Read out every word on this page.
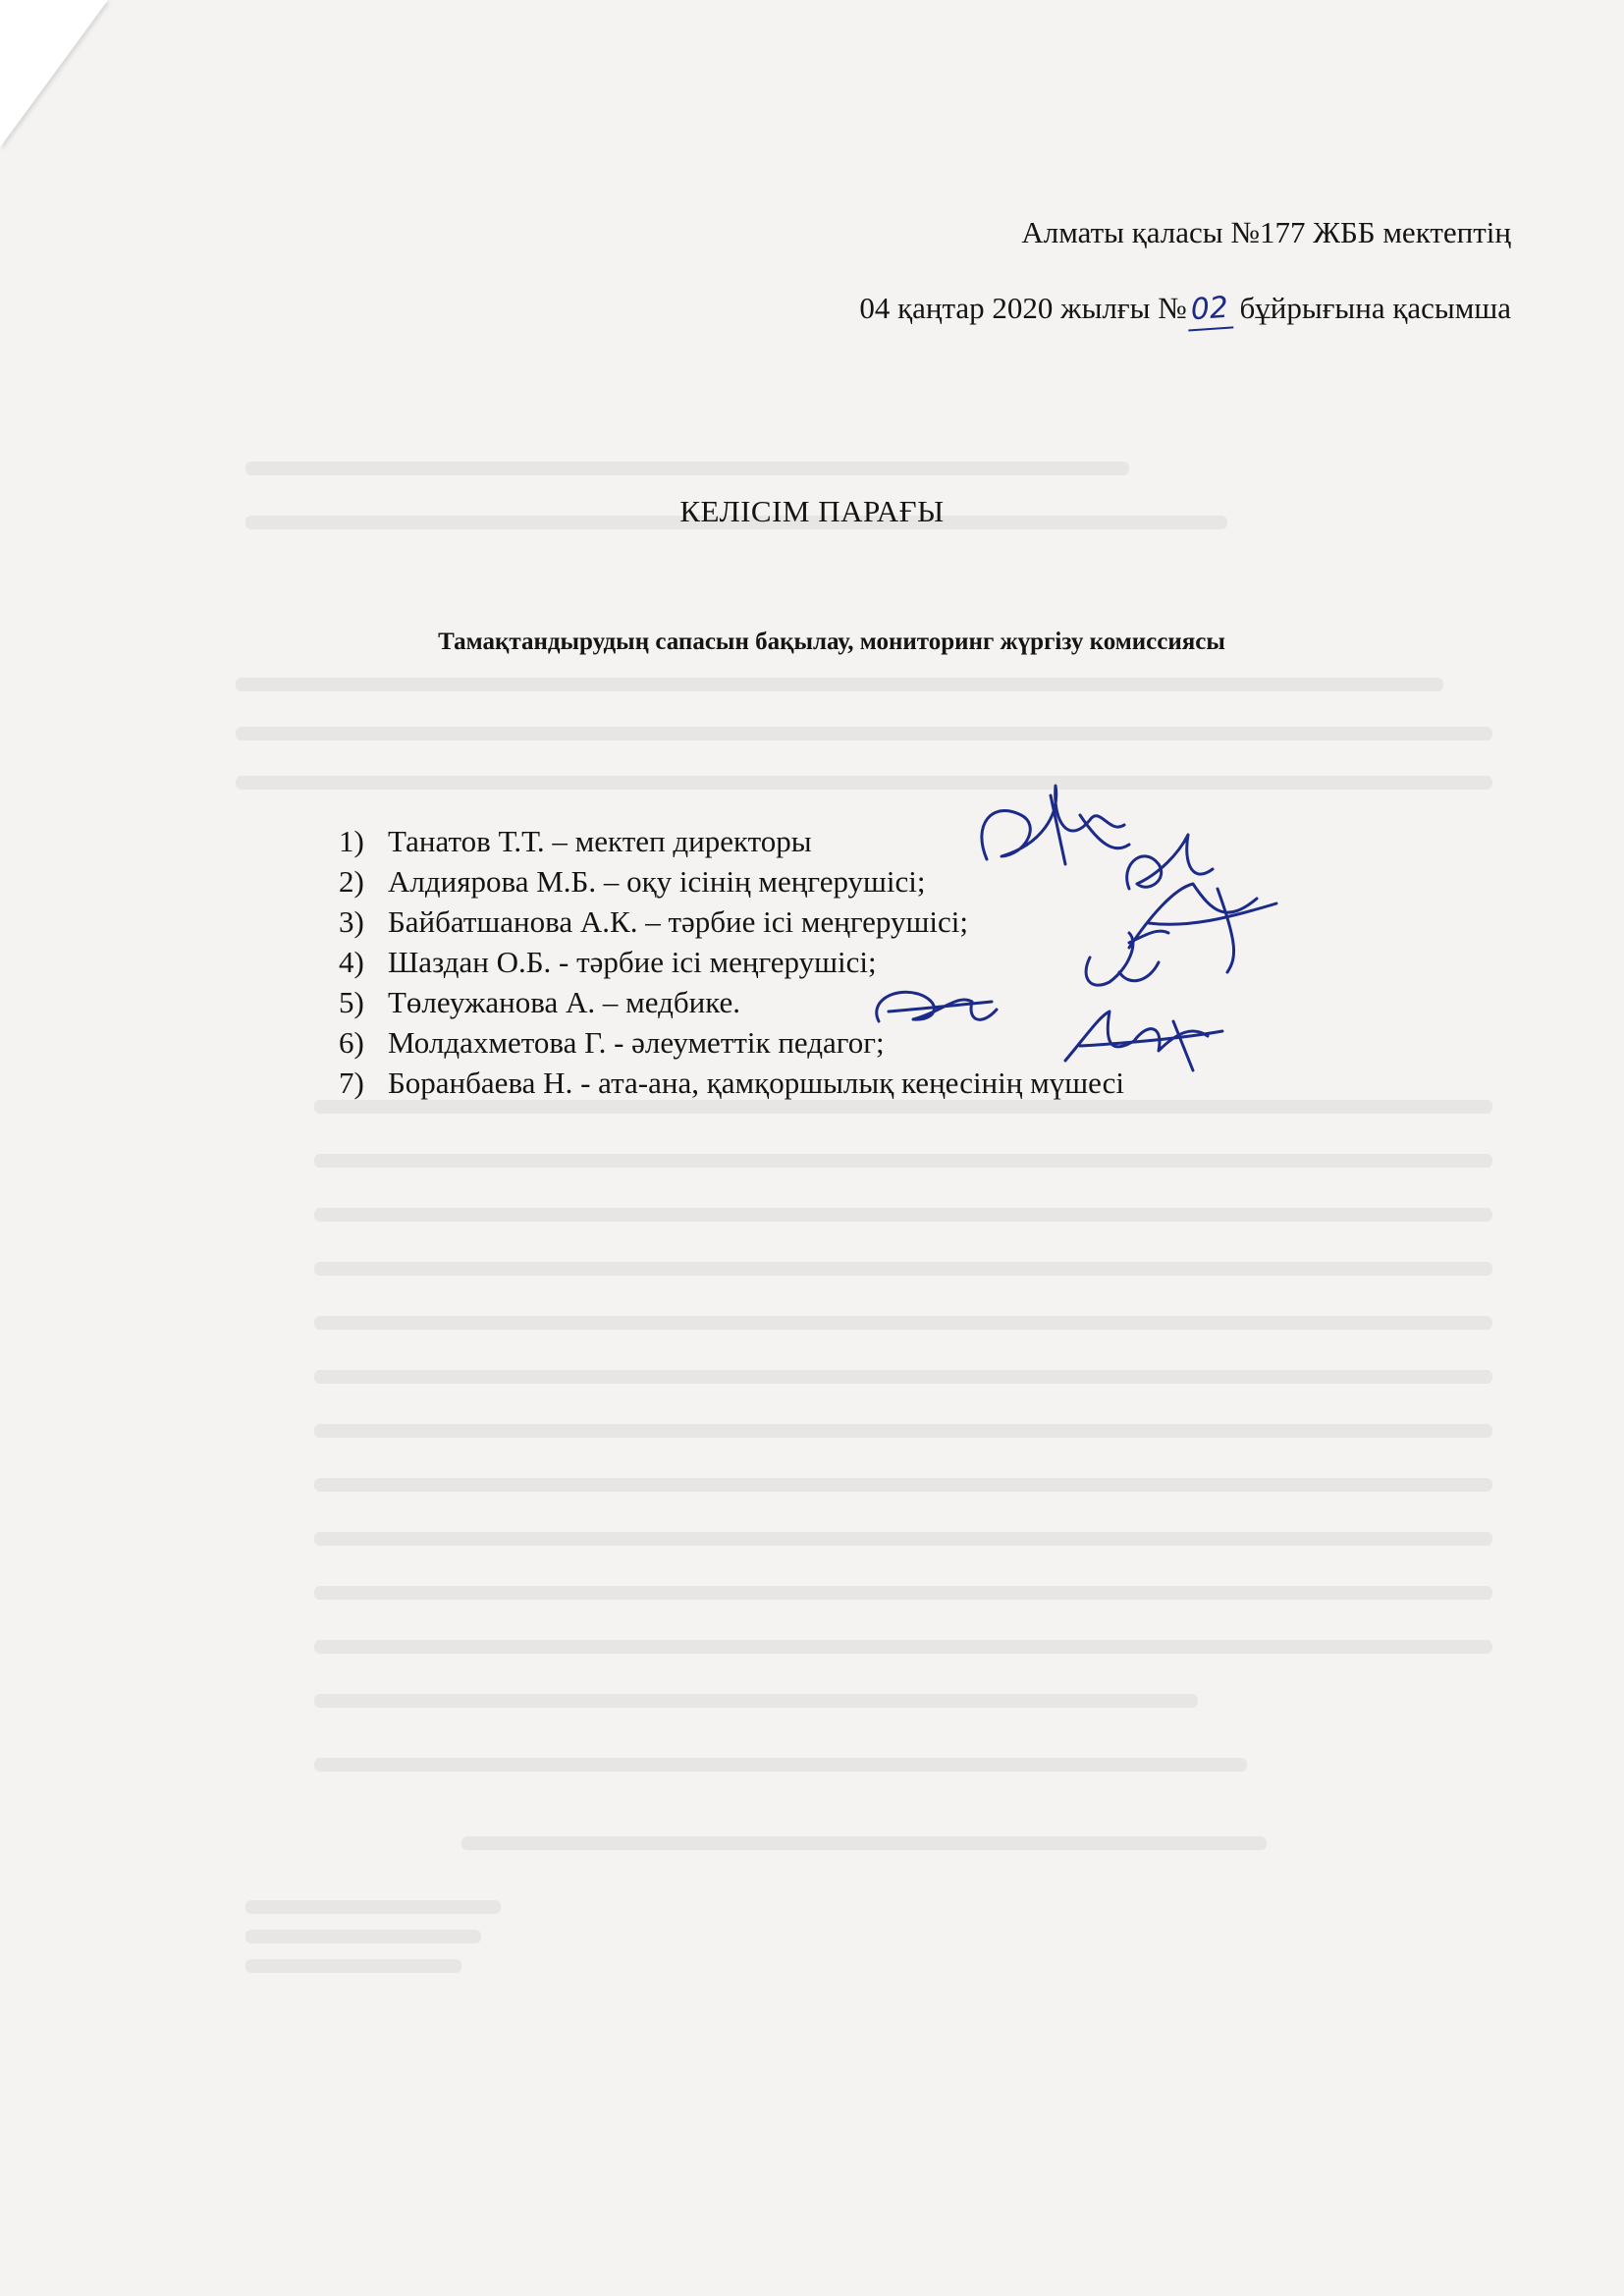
Алматы қаласы №177 ЖББ мектептің
04 қаңтар 2020 жылғы №02 бұйрығына қасымша
КЕЛІСІМ ПАРАҒЫ
Тамақтандырудың сапасын бақылау, мониторинг жүргізу комиссиясы
1) Танатов Т.Т. – мектеп директоры
2) Алдиярова М.Б. – оқу ісінің меңгерушісі;
3) Байбатшанова А.К. – тәрбие ісі меңгерушісі;
4) Шаздан О.Б. - тәрбие ісі меңгерушісі;
5) Төлеужанова А. – медбике.
6) Молдахметова Г. - әлеуметтік педагог;
7) Боранбаева Н. - ата-ана, қамқоршылық кеңесінің мүшесі
